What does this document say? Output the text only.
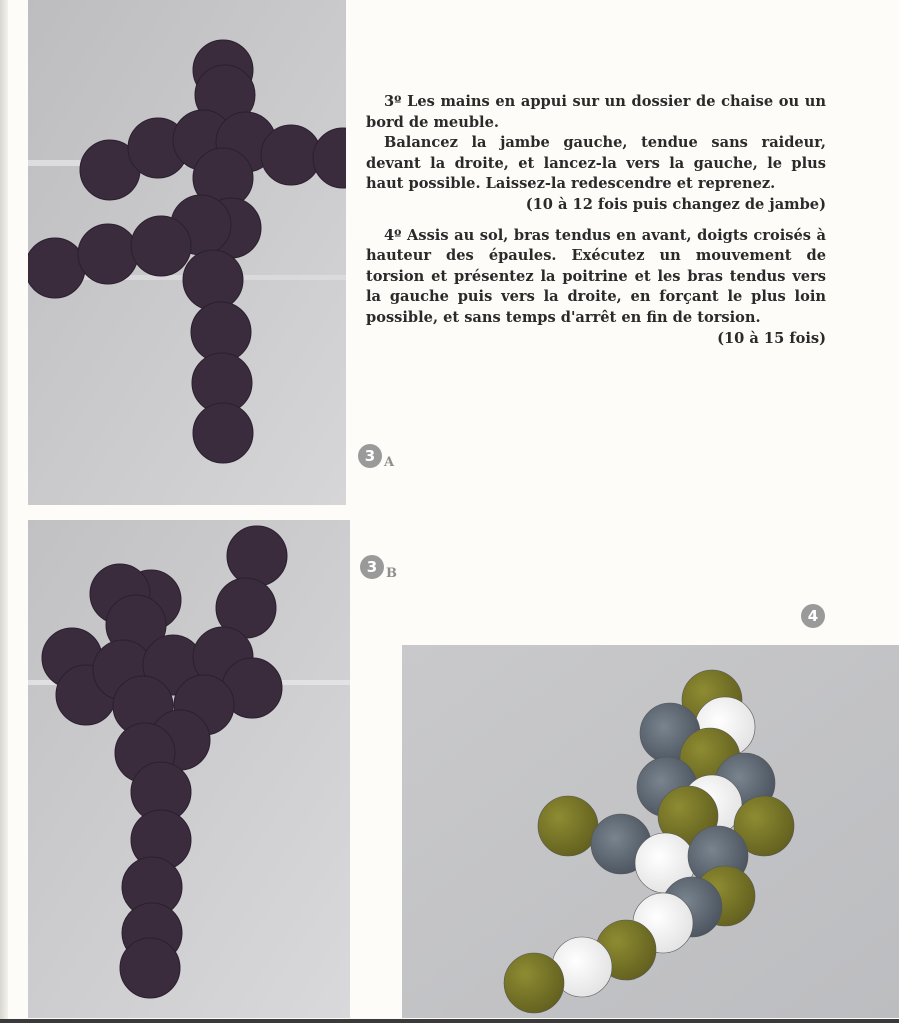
3º Les mains en appui sur un dossier de chaise ou un bord de meuble.

Balancez la jambe gauche, tendue sans raideur, devant la droite, et lancez-la vers la gauche, le plus haut possible. Laissez-la redescendre et reprenez.

(10 à 12 fois puis changez de jambe)

4º Assis au sol, bras tendus en avant, doigts croisés à hauteur des épaules. Exécutez un mouvement de torsion et présentez la poitrine et les bras tendus vers la gauche puis vers la droite, en forçant le plus loin possible, et sans temps d'arrêt en fin de torsion.

(10 à 15 fois)

3 A
3 B
4
